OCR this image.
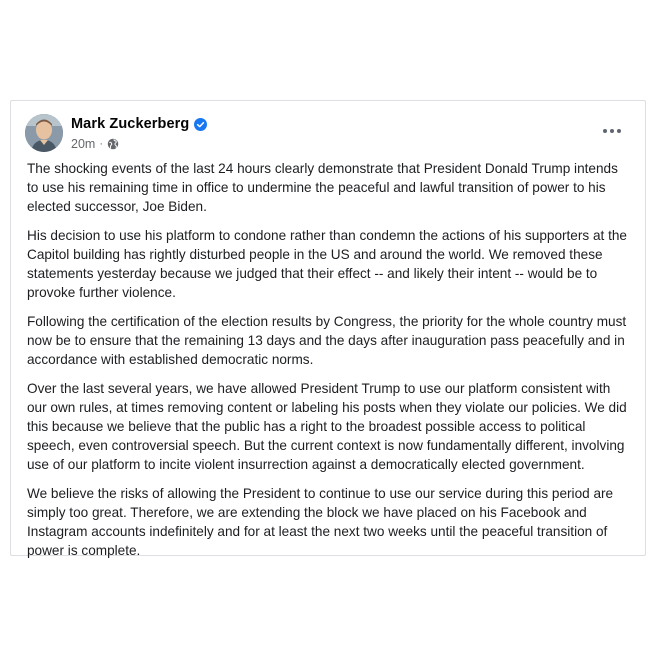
Mark Zuckerberg
20m ·

The shocking events of the last 24 hours clearly demonstrate that President Donald Trump intends to use his remaining time in office to undermine the peaceful and lawful transition of power to his elected successor, Joe Biden.

His decision to use his platform to condone rather than condemn the actions of his supporters at the Capitol building has rightly disturbed people in the US and around the world. We removed these statements yesterday because we judged that their effect -- and likely their intent -- would be to provoke further violence.

Following the certification of the election results by Congress, the priority for the whole country must now be to ensure that the remaining 13 days and the days after inauguration pass peacefully and in accordance with established democratic norms.

Over the last several years, we have allowed President Trump to use our platform consistent with our own rules, at times removing content or labeling his posts when they violate our policies. We did this because we believe that the public has a right to the broadest possible access to political speech, even controversial speech. But the current context is now fundamentally different, involving use of our platform to incite violent insurrection against a democratically elected government.

We believe the risks of allowing the President to continue to use our service during this period are simply too great. Therefore, we are extending the block we have placed on his Facebook and Instagram accounts indefinitely and for at least the next two weeks until the peaceful transition of power is complete.
